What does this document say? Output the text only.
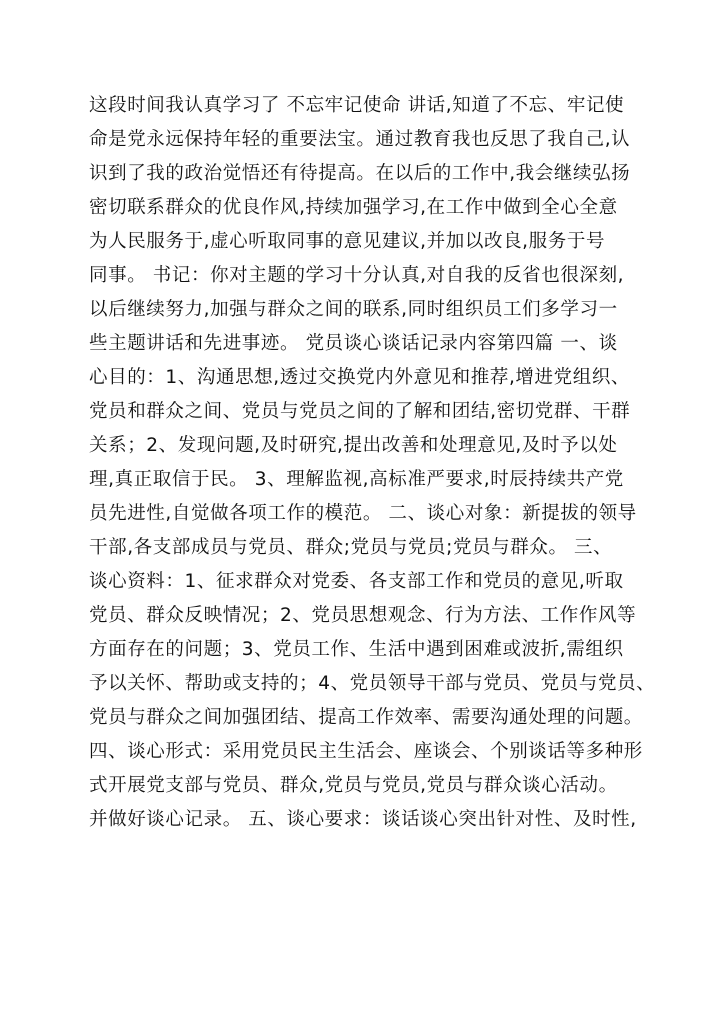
这段时间我认真学习了 不忘牢记使命 讲话,知道了不忘、牢记使
命是党永远保持年轻的重要法宝。通过教育我也反思了我自己,认
识到了我的政治觉悟还有待提高。在以后的工作中,我会继续弘扬
密切联系群众的优良作风,持续加强学习,在工作中做到全心全意
为人民服务于,虚心听取同事的意见建议,并加以改良,服务于号
同事。 书记：你对主题的学习十分认真,对自我的反省也很深刻,
以后继续努力,加强与群众之间的联系,同时组织员工们多学习一
些主题讲话和先进事迹。 党员谈心谈话记录内容第四篇 一、谈
心目的：1、沟通思想,透过交换党内外意见和推荐,增进党组织、
党员和群众之间、党员与党员之间的了解和团结,密切党群、干群
关系；2、发现问题,及时研究,提出改善和处理意见,及时予以处
理,真正取信于民。 3、理解监视,高标准严要求,时辰持续共产党
员先进性,自觉做各项工作的模范。 二、谈心对象：新提拔的领导
干部,各支部成员与党员、群众;党员与党员;党员与群众。 三、
谈心资料：1、征求群众对党委、各支部工作和党员的意见,听取
党员、群众反映情况；2、党员思想观念、行为方法、工作作风等
方面存在的问题；3、党员工作、生活中遇到困难或波折,需组织
予以关怀、帮助或支持的；4、党员领导干部与党员、党员与党员、
党员与群众之间加强团结、提高工作效率、需要沟通处理的问题。
四、谈心形式：采用党员民主生活会、座谈会、个别谈话等多种形
式开展党支部与党员、群众,党员与党员,党员与群众谈心活动。
并做好谈心记录。 五、谈心要求：谈话谈心突出针对性、及时性,
